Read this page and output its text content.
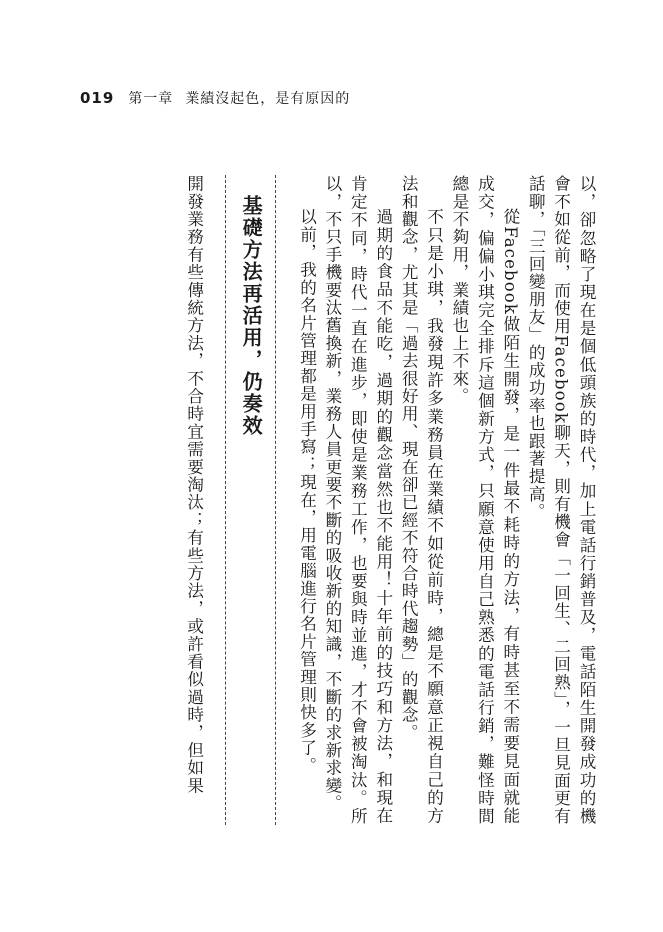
019 第一章 業績沒起色，是有原因的

以，卻忽略了現在是個低頭族的時代，加上電話行銷普及，電話陌生開發成功的機會不如從前，而使用Facebook聊天，則有機會「一回生、二回熟」，一旦見面更有話聊，「三回變朋友」的成功率也跟著提高。

從Facebook做陌生開發，是一件最不耗時的方法，有時甚至不需要見面就能成交，偏偏小琪完全排斥這個新方式，只願意使用自己熟悉的電話行銷，難怪時間總是不夠用，業績也上不來。

不只是小琪，我發現許多業務員在業績不如從前時，總是不願意正視自己的方法和觀念，尤其是「過去很好用、現在卻已經不符合時代趨勢」的觀念。

過期的食品不能吃，過期的觀念當然也不能用！十年前的技巧和方法，和現在肯定不同，時代一直在進步，即使是業務工作，也要與時並進，才不會被淘汰。所以，不只手機要汰舊換新，業務人員更要不斷的吸收新的知識，不斷的求新求變。

以前，我的名片管理都是用手寫；現在，用電腦進行名片管理則快多了。

基礎方法再活用，仍奏效

開發業務有些傳統方法，不合時宜需要淘汰；有些方法，或許看似過時，但如果
